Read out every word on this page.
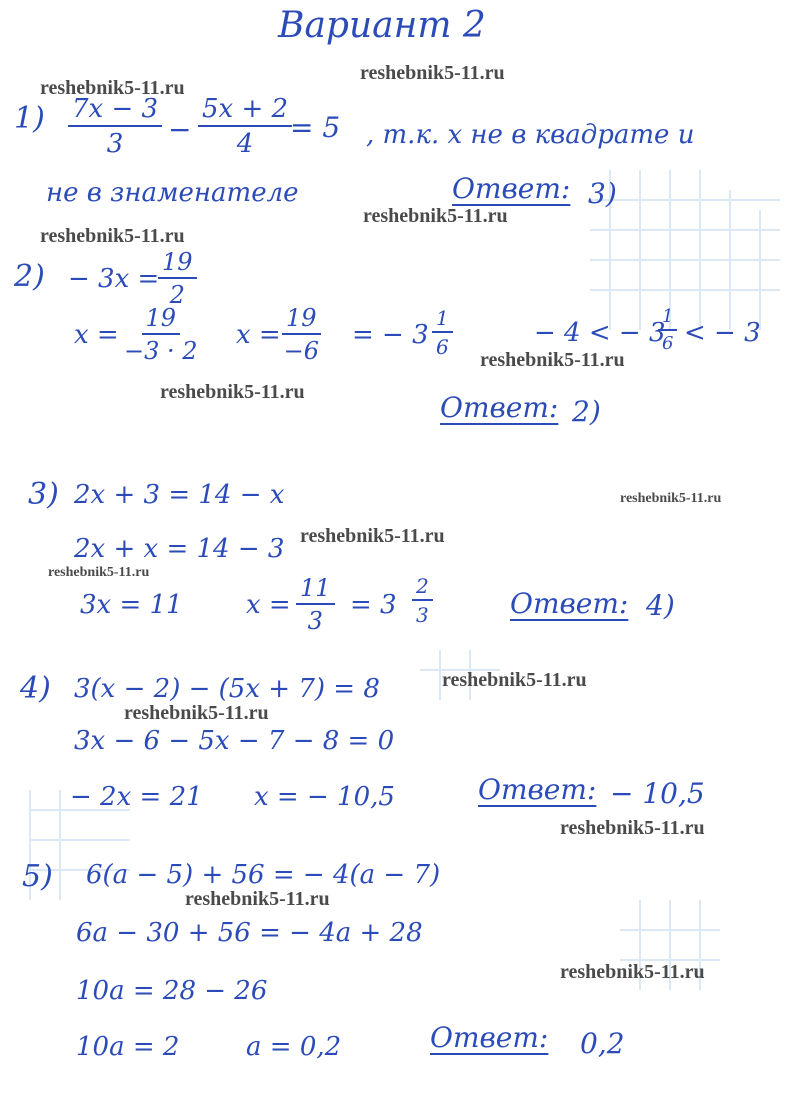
Вариант 2
reshebnik5-11.ru
reshebnik5-11.ru
reshebnik5-11.ru
reshebnik5-11.ru
reshebnik5-11.ru
reshebnik5-11.ru
reshebnik5-11.ru
reshebnik5-11.ru
reshebnik5-11.ru
reshebnik5-11.ru
reshebnik5-11.ru
reshebnik5-11.ru
reshebnik5-11.ru
reshebnik5-11.ru
$1) \frac{7x - 3}{3} - \frac{5x + 2}{4}$
= 5 , т.к. x не в квадрате и
не в знаменателе	Ответ: 3)
2) − 3x =
$\frac{19}{2}$
$x = \frac{19}{-3 \cdot 2}$ $x = \frac{19}{-6}$ = − $3 \frac{1}{6}$	− 4 < − 3
$\frac{1}{6}$ < − 3
Ответ: 2)
3) 2x + 3 = 14 − x
2x + x = 14 − 3
3x = 11 $x = \frac{11}{3} = 3 \frac{2}{3}$	Ответ: 4)
4) 3(x − 2) − (5x + 7) = 8
3x − 6 − 5x − 7 − 8 = 0
− 2x = 21 x = − 10,5	Ответ: − 10,5
5) 6(a − 5) + 56 = − 4(a − 7)
6a − 30 + 56 = − 4a + 28
10a = 28 − 26
10a = 2	a = 0,2	Ответ: 0,2
